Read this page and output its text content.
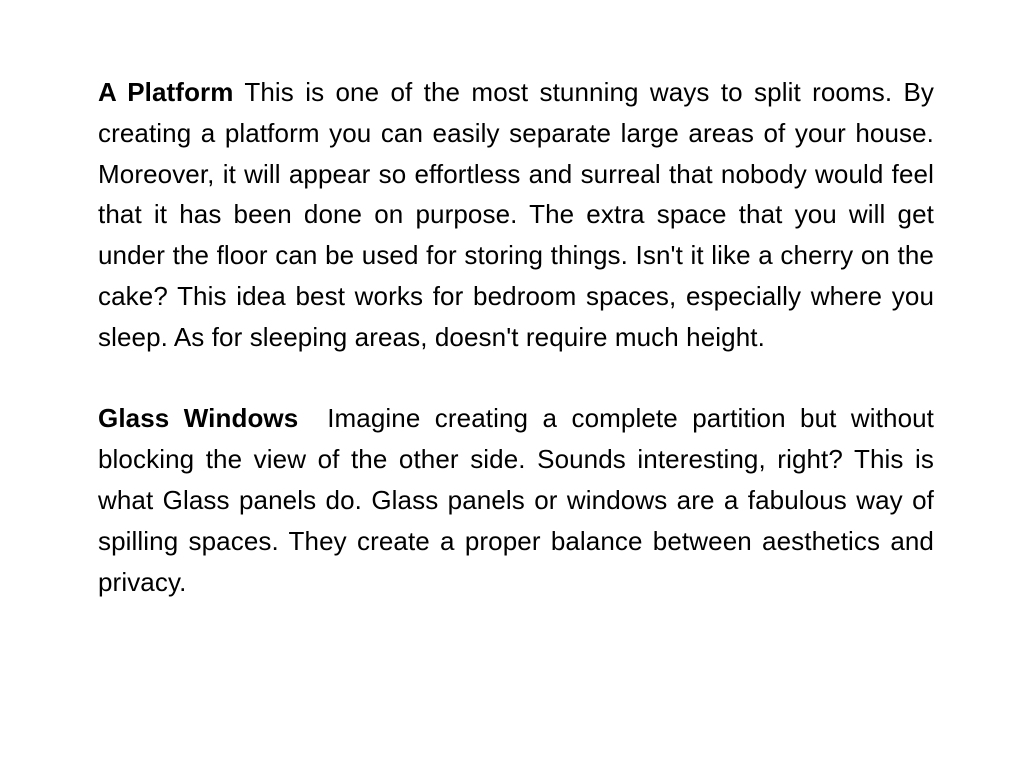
A Platform This is one of the most stunning ways to split rooms. By creating a platform you can easily separate large areas of your house. Moreover, it will appear so effortless and surreal that nobody would feel that it has been done on purpose. The extra space that you will get under the floor can be used for storing things. Isn't it like a cherry on the cake? This idea best works for bedroom spaces, especially where you sleep. As for sleeping areas, doesn't require much height.

Glass Windows Imagine creating a complete partition but without blocking the view of the other side. Sounds interesting, right? This is what Glass panels do. Glass panels or windows are a fabulous way of spilling spaces. They create a proper balance between aesthetics and privacy.
